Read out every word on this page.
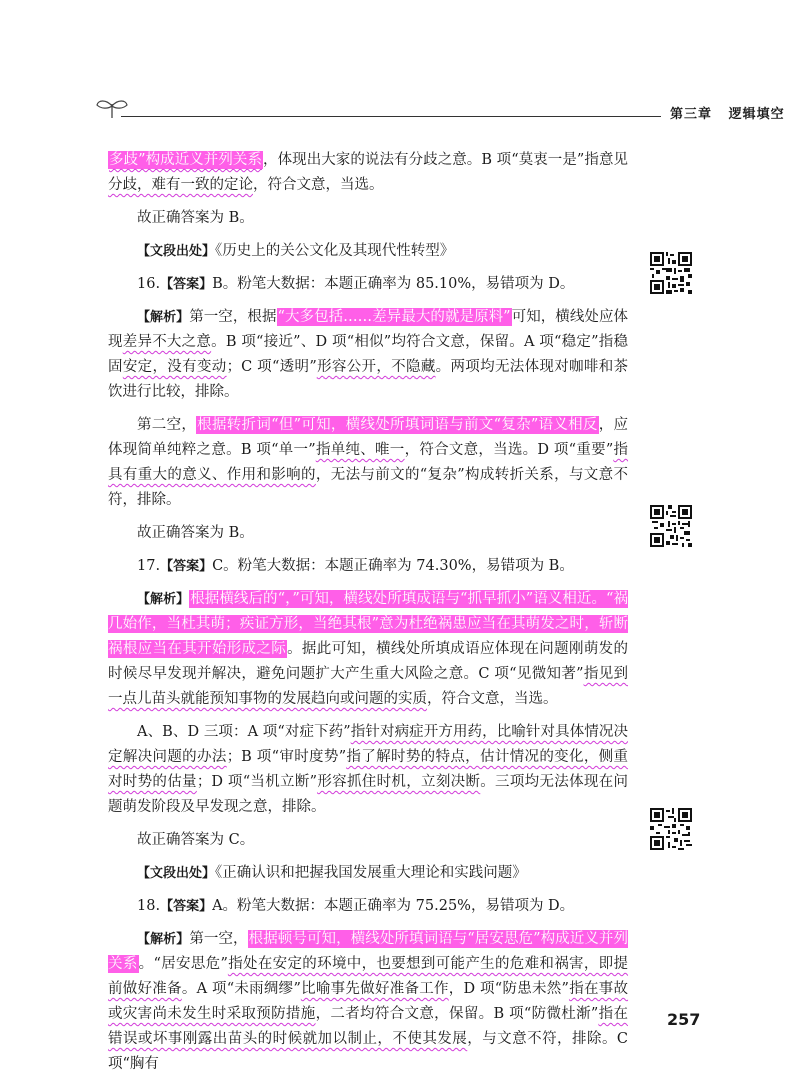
第三章 逻辑填空

多歧”构成近义并列关系，体现出大家的说法有分歧之意。B 项“莫衷一是”指意见分歧，难有一致的定论，符合文意，当选。

故正确答案为 B。

【文段出处】《历史上的关公文化及其现代性转型》

16.【答案】B。粉笔大数据：本题正确率为 85.10%，易错项为 D。

【解析】第一空，根据“大多包括……差异最大的就是原料”可知，横线处应体现差异不大之意。B 项“接近”、D 项“相似”均符合文意，保留。A 项“稳定”指稳固安定，没有变动；C 项“透明”形容公开，不隐藏。两项均无法体现对咖啡和茶饮进行比较，排除。

第二空，根据转折词“但”可知，横线处所填词语与前文“复杂”语义相反，应体现简单纯粹之意。B 项“单一”指单纯、唯一，符合文意，当选。D 项“重要”指具有重大的意义、作用和影响的，无法与前文的“复杂”构成转折关系，与文意不符，排除。

故正确答案为 B。

17.【答案】C。粉笔大数据：本题正确率为 74.30%，易错项为 B。

【解析】根据横线后的“，”可知，横线处所填成语与“抓早抓小”语义相近。“祸几始作，当杜其萌；疾证方形，当绝其根”意为杜绝祸患应当在其萌发之时，斩断祸根应当在其开始形成之际。据此可知，横线处所填成语应体现在问题刚萌发的时候尽早发现并解决，避免问题扩大产生重大风险之意。C 项“见微知著”指见到一点儿苗头就能预知事物的发展趋向或问题的实质，符合文意，当选。

A、B、D 三项：A 项“对症下药”指针对病症开方用药，比喻针对具体情况决定解决问题的办法；B 项“审时度势”指了解时势的特点，估计情况的变化，侧重对时势的估量；D 项“当机立断”形容抓住时机，立刻决断。三项均无法体现在问题萌发阶段及早发现之意，排除。

故正确答案为 C。

【文段出处】《正确认识和把握我国发展重大理论和实践问题》

18.【答案】A。粉笔大数据：本题正确率为 75.25%，易错项为 D。

【解析】第一空，根据顿号可知，横线处所填词语与“居安思危”构成近义并列关系。“居安思危”指处在安定的环境中，也要想到可能产生的危难和祸害，即提前做好准备。A 项“未雨绸缪”比喻事先做好准备工作，D 项“防患未然”指在事故或灾害尚未发生时采取预防措施，二者均符合文意，保留。B 项“防微杜渐”指在错误或坏事刚露出苗头的时候就加以制止，不使其发展，与文意不符，排除。C 项“胸有

257
